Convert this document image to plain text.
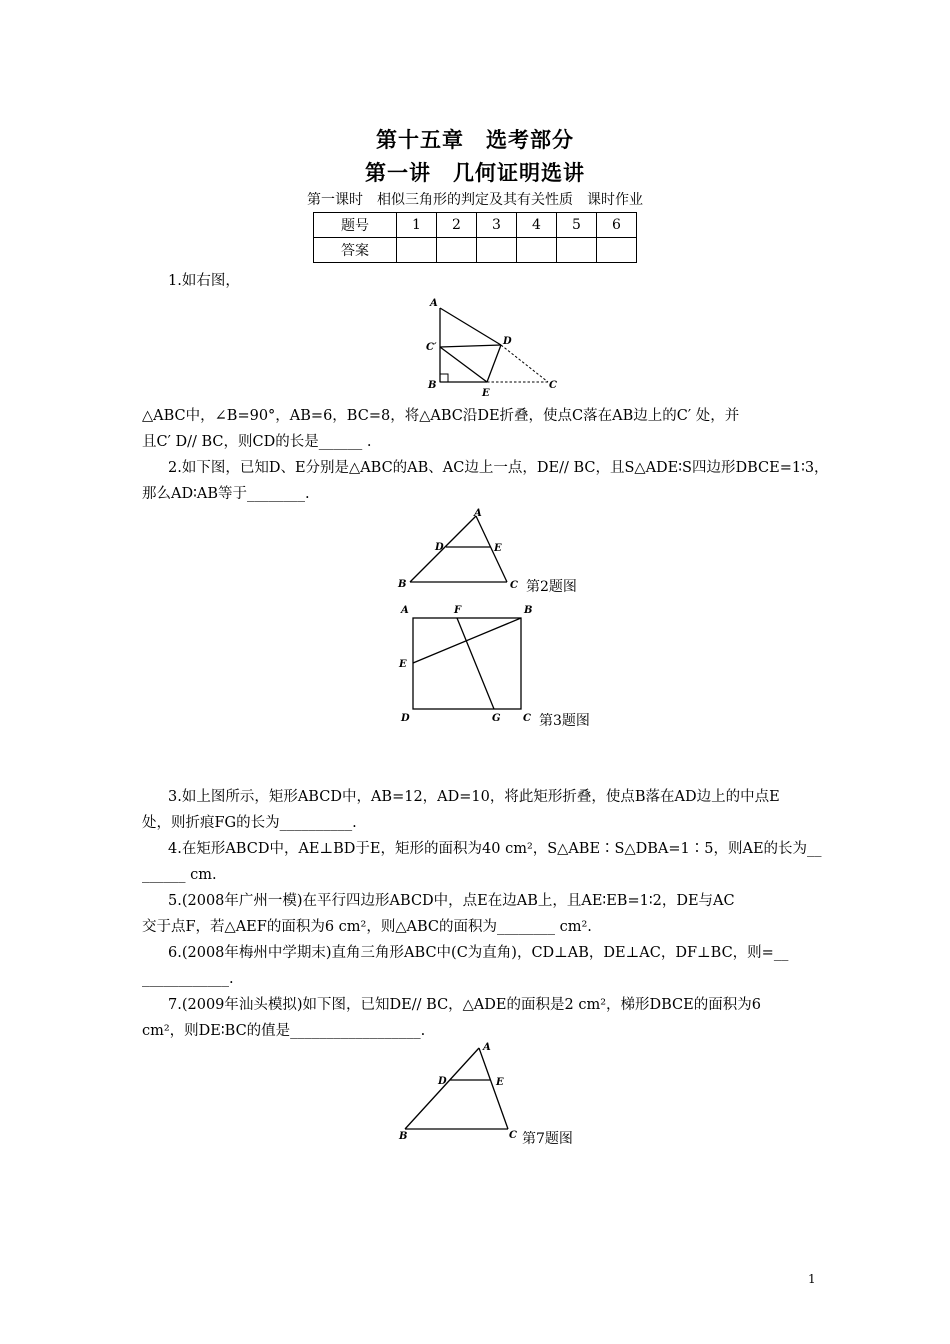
第十五章　选考部分
第一讲　几何证明选讲
第一课时　相似三角形的判定及其有关性质　课时作业
题号	1	2	3	4	5	6
答案						
1.如右图，
A
C′
B
D
E
C
△ABC中，∠B=90°，AB=6，BC=8，将△ABC沿DE折叠，使点C落在AB边上的C′ 处，并
且C′ D// BC，则CD的长是______ .
2.如下图，已知D、E分别是△ABC的AB、AC边上一点，DE// BC，且S△ADE∶S四边形DBCE=1∶3，
那么AD∶AB等于________.
A
D	E
B	C 第2题图
A	F	B
E
D	G C 第3题图
3.如上图所示，矩形ABCD中，AB=12，AD=10，将此矩形折叠，使点B落在AD边上的中点E
处，则折痕FG的长为__________.
4.在矩形ABCD中，AE⊥BD于E，矩形的面积为40 cm²，S△ABE∶S△DBA=1∶5，则AE的长为__
______ cm.
5.(2008年广州一模)在平行四边形ABCD中，点E在边AB上，且AE∶EB=1∶2，DE与AC
交于点F，若△AEF的面积为6 cm²，则△ABC的面积为________ cm².
6.(2008年梅州中学期末)直角三角形ABC中(C为直角)，CD⊥AB，DE⊥AC，DF⊥BC，则=__
____________.
7.(2009年汕头模拟)如下图，已知DE// BC，△ADE的面积是2 cm²，梯形DBCE的面积为6
cm²，则DE∶BC的值是__________________.
A
D	E
B	C 第7题图
1
